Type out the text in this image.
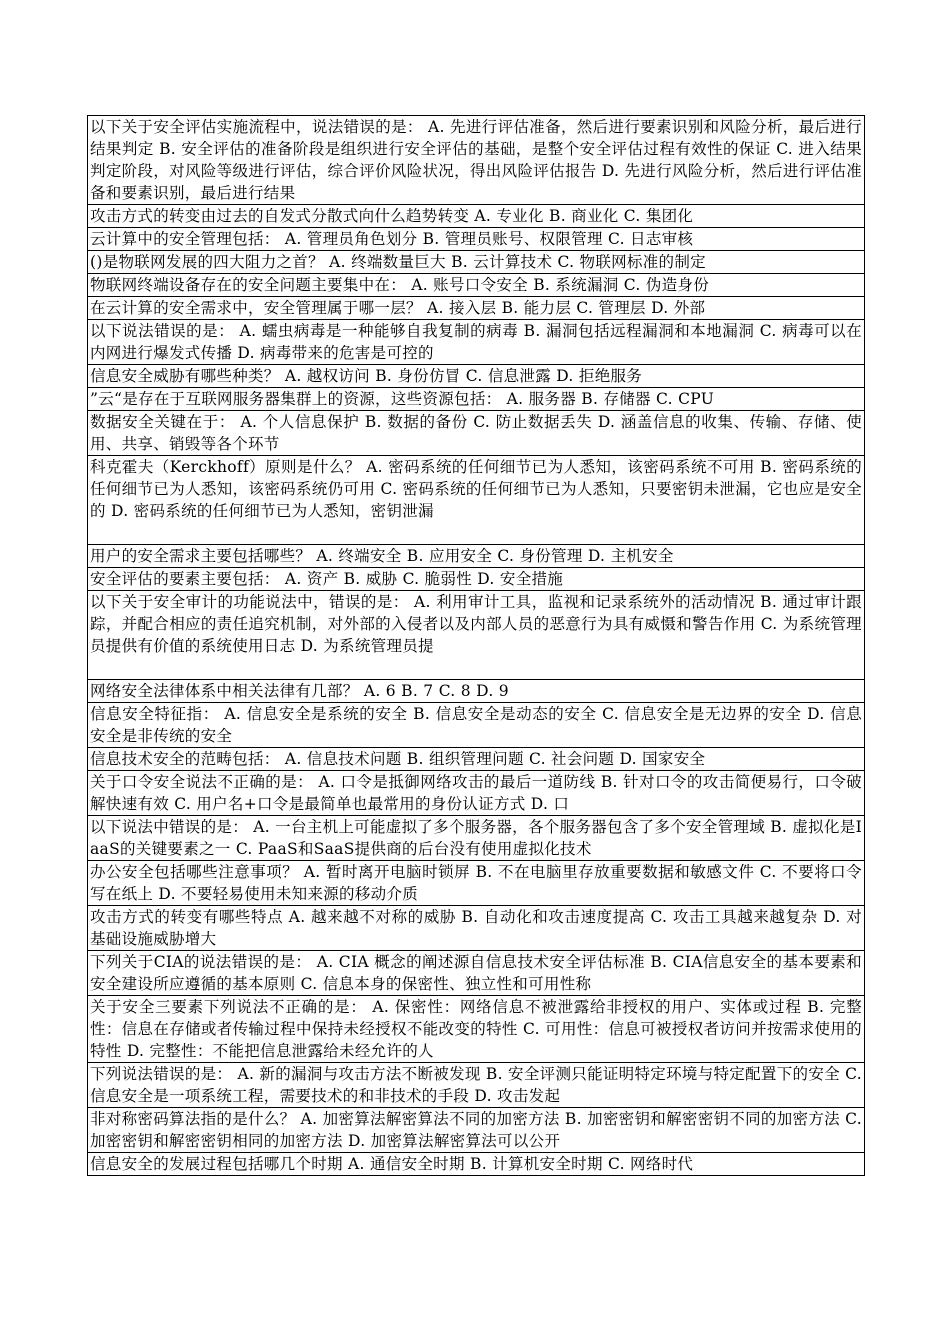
以下关于安全评估实施流程中，说法错误的是： A. 先进行评估准备，然后进行要素识别和风险分析，最后进行结果判定 B. 安全评估的准备阶段是组织进行安全评估的基础，是整个安全评估过程有效性的保证 C. 进入结果判定阶段，对风险等级进行评估，综合评价风险状况，得出风险评估报告 D. 先进行风险分析，然后进行评估准备和要素识别，最后进行结果

攻击方式的转变由过去的自发式分散式向什么趋势转变 A. 专业化 B. 商业化 C. 集团化

云计算中的安全管理包括： A. 管理员角色划分 B. 管理员账号、权限管理 C. 日志审核

()是物联网发展的四大阻力之首？ A. 终端数量巨大 B. 云计算技术 C. 物联网标准的制定

物联网终端设备存在的安全问题主要集中在： A. 账号口令安全 B. 系统漏洞 C. 伪造身份

在云计算的安全需求中，安全管理属于哪一层？ A. 接入层 B. 能力层 C. 管理层 D. 外部

以下说法错误的是： A. 蠕虫病毒是一种能够自我复制的病毒 B. 漏洞包括远程漏洞和本地漏洞 C. 病毒可以在内网进行爆发式传播 D. 病毒带来的危害是可控的

信息安全威胁有哪些种类？ A. 越权访问 B. 身份仿冒 C. 信息泄露 D. 拒绝服务

”云“是存在于互联网服务器集群上的资源，这些资源包括： A. 服务器 B. 存储器 C. CPU

数据安全关键在于： A. 个人信息保护 B. 数据的备份 C. 防止数据丢失 D. 涵盖信息的收集、传输、存储、使用、共享、销毁等各个环节

科克霍夫（Kerckhoff）原则是什么？ A. 密码系统的任何细节已为人悉知，该密码系统不可用 B. 密码系统的任何细节已为人悉知，该密码系统仍可用 C. 密码系统的任何细节已为人悉知，只要密钥未泄漏，它也应是安全的 D. 密码系统的任何细节已为人悉知，密钥泄漏

用户的安全需求主要包括哪些？ A. 终端安全 B. 应用安全 C. 身份管理 D. 主机安全

安全评估的要素主要包括： A. 资产 B. 威胁 C. 脆弱性 D. 安全措施

以下关于安全审计的功能说法中，错误的是： A. 利用审计工具，监视和记录系统外的活动情况 B. 通过审计跟踪，并配合相应的责任追究机制，对外部的入侵者以及内部人员的恶意行为具有威慑和警告作用 C. 为系统管理员提供有价值的系统使用日志 D. 为系统管理员提

网络安全法律体系中相关法律有几部？ A. 6 B. 7 C. 8 D. 9

信息安全特征指： A. 信息安全是系统的安全 B. 信息安全是动态的安全 C. 信息安全是无边界的安全 D. 信息安全是非传统的安全

信息技术安全的范畴包括： A. 信息技术问题 B. 组织管理问题 C. 社会问题 D. 国家安全

关于口令安全说法不正确的是： A. 口令是抵御网络攻击的最后一道防线 B. 针对口令的攻击简便易行，口令破解快速有效 C. 用户名+口令是最简单也最常用的身份认证方式 D. 口

以下说法中错误的是： A. 一台主机上可能虚拟了多个服务器，各个服务器包含了多个安全管理域 B. 虚拟化是IaaS的关键要素之一 C. PaaS和SaaS提供商的后台没有使用虚拟化技术

办公安全包括哪些注意事项？ A. 暂时离开电脑时锁屏 B. 不在电脑里存放重要数据和敏感文件 C. 不要将口令写在纸上 D. 不要轻易使用未知来源的移动介质

攻击方式的转变有哪些特点 A. 越来越不对称的威胁 B. 自动化和攻击速度提高 C. 攻击工具越来越复杂 D. 对基础设施威胁增大

下列关于CIA的说法错误的是： A. CIA 概念的阐述源自信息技术安全评估标准 B. CIA信息安全的基本要素和安全建设所应遵循的基本原则 C. 信息本身的保密性、独立性和可用性称

关于安全三要素下列说法不正确的是： A. 保密性：网络信息不被泄露给非授权的用户、实体或过程 B. 完整性：信息在存储或者传输过程中保持未经授权不能改变的特性 C. 可用性：信息可被授权者访问并按需求使用的特性 D. 完整性：不能把信息泄露给未经允许的人

下列说法错误的是： A. 新的漏洞与攻击方法不断被发现 B. 安全评测只能证明特定环境与特定配置下的安全 C. 信息安全是一项系统工程，需要技术的和非技术的手段 D. 攻击发起

非对称密码算法指的是什么？ A. 加密算法解密算法不同的加密方法 B. 加密密钥和解密密钥不同的加密方法 C. 加密密钥和解密密钥相同的加密方法 D. 加密算法解密算法可以公开

信息安全的发展过程包括哪几个时期 A. 通信安全时期 B. 计算机安全时期 C. 网络时代
